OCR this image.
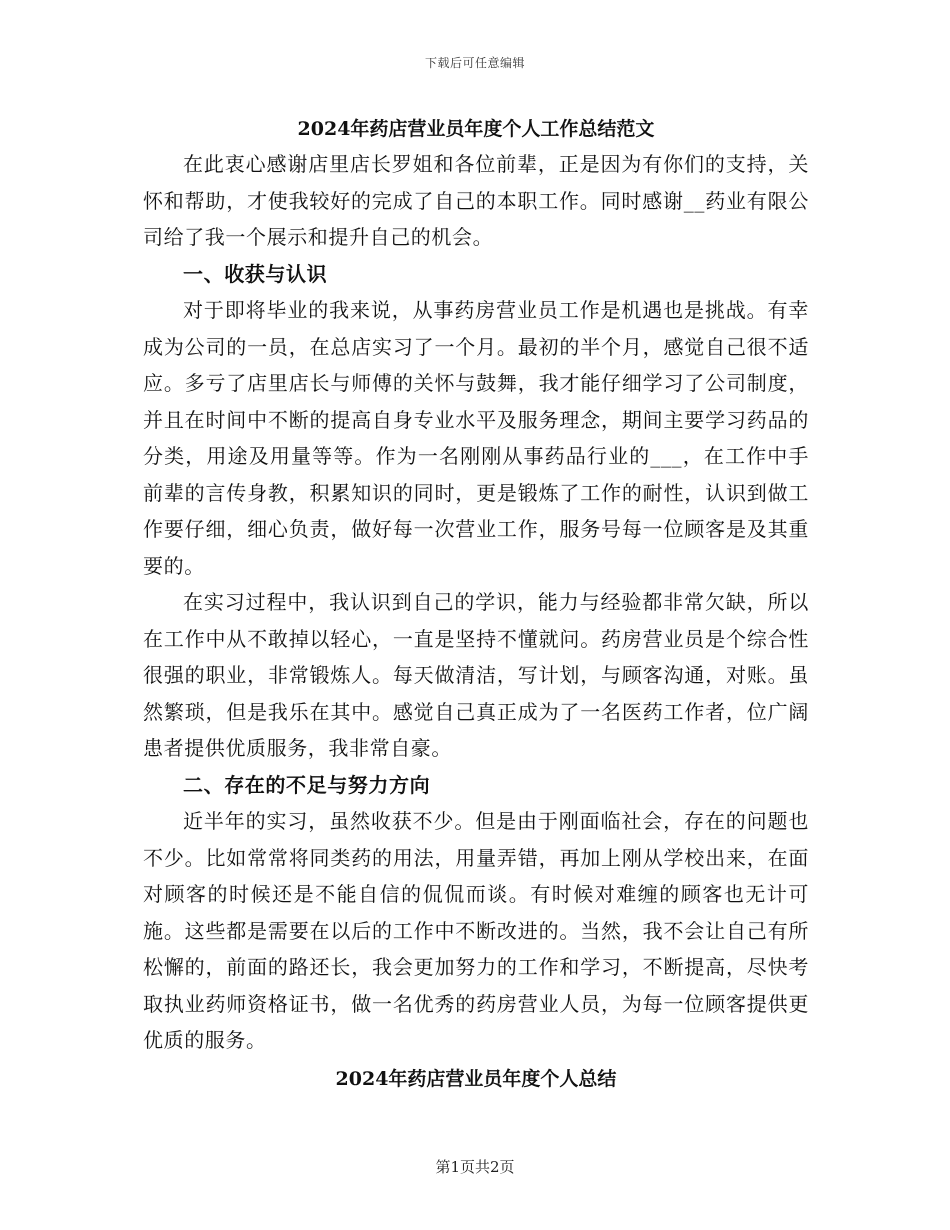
下载后可任意编辑
2024年药店营业员年度个人工作总结范文

在此衷心感谢店里店长罗姐和各位前辈，正是因为有你们的支持，关怀和帮助，才使我较好的完成了自己的本职工作。同时感谢__药业有限公司给了我一个展示和提升自己的机会。

一、收获与认识

对于即将毕业的我来说，从事药房营业员工作是机遇也是挑战。有幸成为公司的一员，在总店实习了一个月。最初的半个月，感觉自己很不适应。多亏了店里店长与师傅的关怀与鼓舞，我才能仔细学习了公司制度，并且在时间中不断的提高自身专业水平及服务理念，期间主要学习药品的分类，用途及用量等等。作为一名刚刚从事药品行业的___，在工作中手前辈的言传身教，积累知识的同时，更是锻炼了工作的耐性，认识到做工作要仔细，细心负责，做好每一次营业工作，服务号每一位顾客是及其重要的。

在实习过程中，我认识到自己的学识，能力与经验都非常欠缺，所以在工作中从不敢掉以轻心，一直是坚持不懂就问。药房营业员是个综合性很强的职业，非常锻炼人。每天做清洁，写计划，与顾客沟通，对账。虽然繁琐，但是我乐在其中。感觉自己真正成为了一名医药工作者，位广阔患者提供优质服务，我非常自豪。

二、存在的不足与努力方向

近半年的实习，虽然收获不少。但是由于刚面临社会，存在的问题也不少。比如常常将同类药的用法，用量弄错，再加上刚从学校出来，在面对顾客的时候还是不能自信的侃侃而谈。有时候对难缠的顾客也无计可施。这些都是需要在以后的工作中不断改进的。当然，我不会让自己有所松懈的，前面的路还长，我会更加努力的工作和学习，不断提高，尽快考取执业药师资格证书，做一名优秀的药房营业人员，为每一位顾客提供更优质的服务。

2024年药店营业员年度个人总结
第1页共2页
